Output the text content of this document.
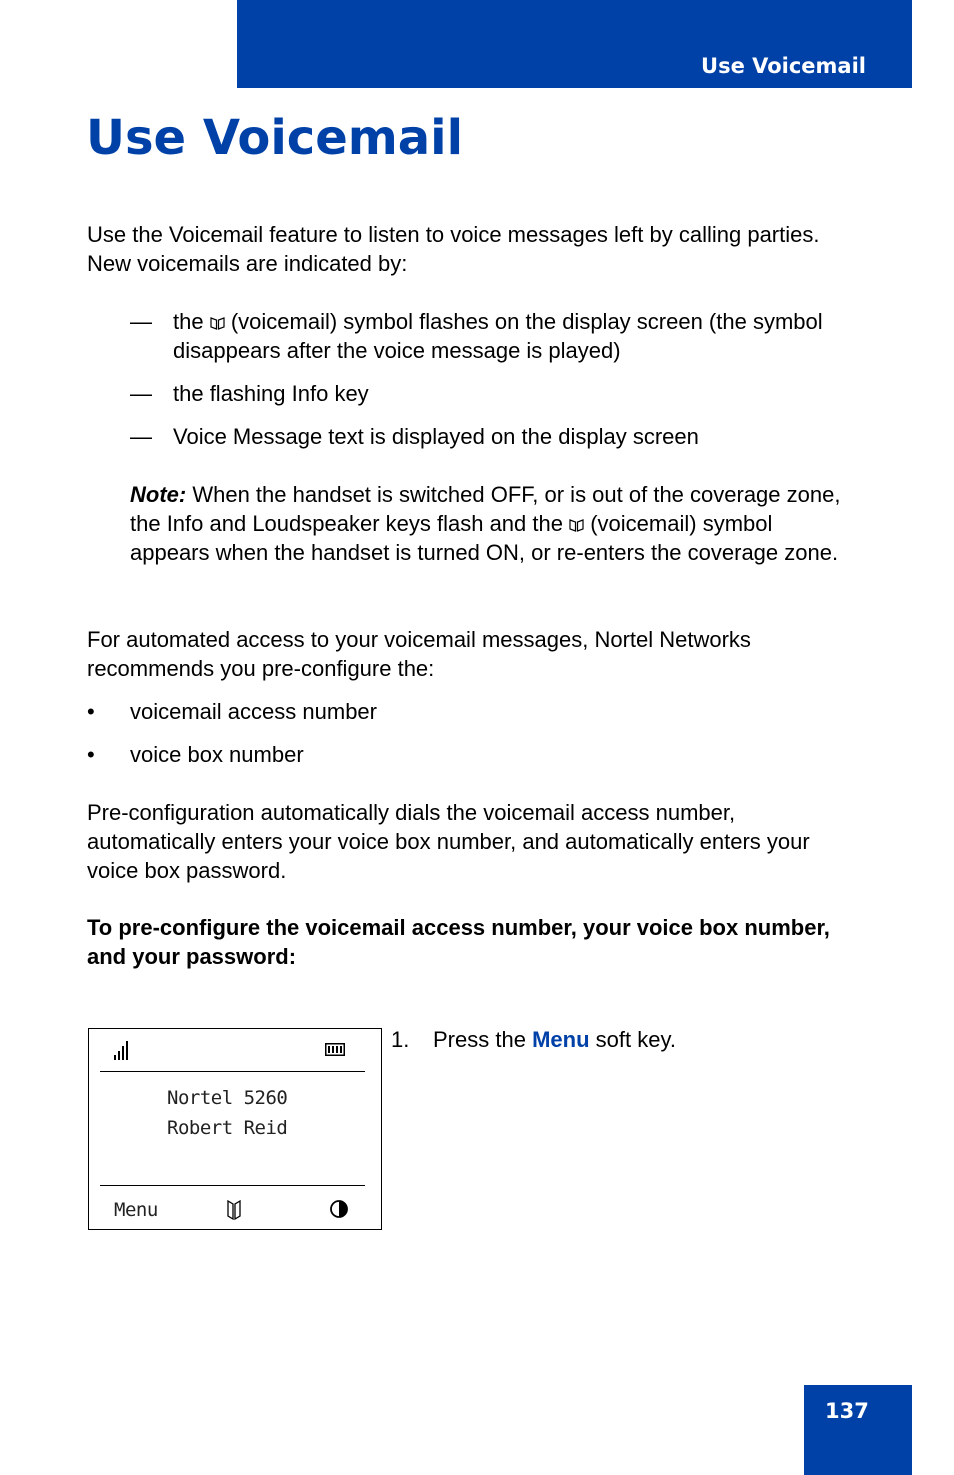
Use Voicemail
Use Voicemail

Use the Voicemail feature to listen to voice messages left by calling parties. New voicemails are indicated by:

— the (voicemail) symbol flashes on the display screen (the symbol disappears after the voice message is played)
— the flashing Info key
— Voice Message text is displayed on the display screen

Note: When the handset is switched OFF, or is out of the coverage zone, the Info and Loudspeaker keys flash and the (voicemail) symbol appears when the handset is turned ON, or re-enters the coverage zone.

For automated access to your voicemail messages, Nortel Networks recommends you pre-configure the:

• voicemail access number
• voice box number

Pre-configuration automatically dials the voicemail access number, automatically enters your voice box number, and automatically enters your voice box password.

To pre-configure the voicemail access number, your voice box number, and your password:

Nortel 5260
Robert Reid
Menu
1. Press the Menu soft key.
137
